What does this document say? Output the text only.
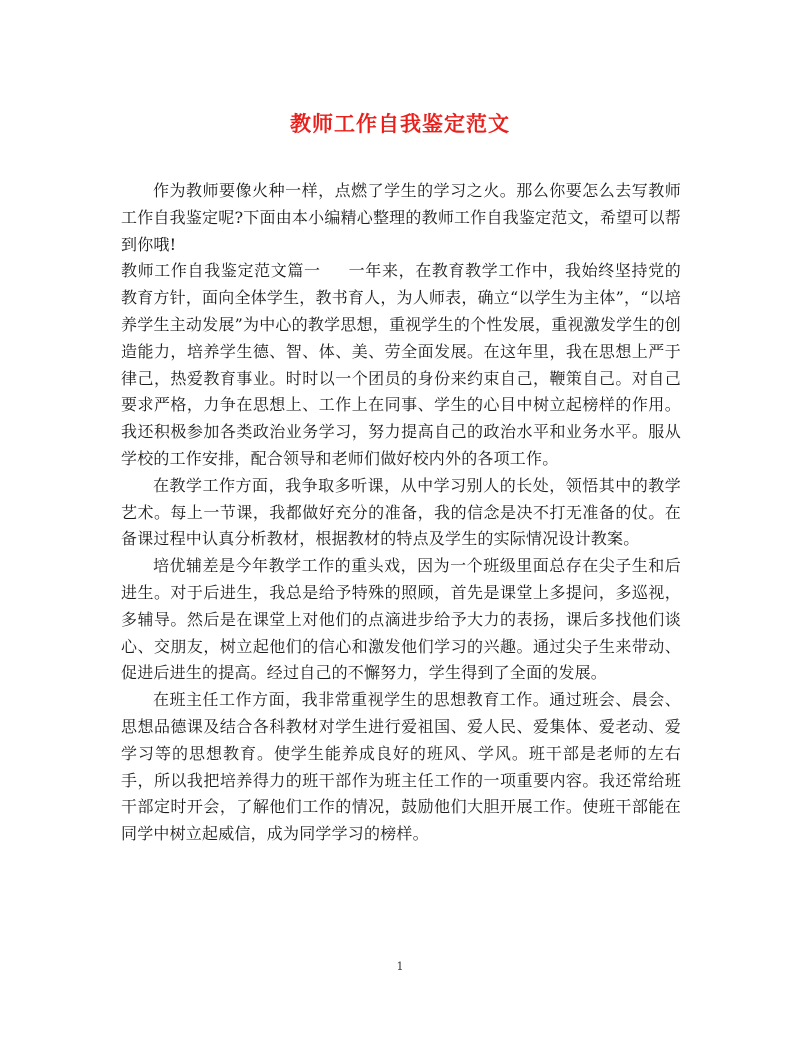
教师工作自我鉴定范文

作为教师要像火种一样，点燃了学生的学习之火。那么你要怎么去写教师工作自我鉴定呢?下面由本小编精心整理的教师工作自我鉴定范文，希望可以帮到你哦!

教师工作自我鉴定范文篇一 一年来，在教育教学工作中，我始终坚持党的教育方针，面向全体学生，教书育人，为人师表，确立“以学生为主体”，“以培养学生主动发展”为中心的教学思想，重视学生的个性发展，重视激发学生的创造能力，培养学生德、智、体、美、劳全面发展。在这年里，我在思想上严于律己，热爱教育事业。时时以一个团员的身份来约束自己，鞭策自己。对自己要求严格，力争在思想上、工作上在同事、学生的心目中树立起榜样的作用。我还积极参加各类政治业务学习，努力提高自己的政治水平和业务水平。服从学校的工作安排，配合领导和老师们做好校内外的各项工作。

在教学工作方面，我争取多听课，从中学习别人的长处，领悟其中的教学艺术。每上一节课，我都做好充分的准备，我的信念是决不打无准备的仗。在备课过程中认真分析教材，根据教材的特点及学生的实际情况设计教案。

培优辅差是今年教学工作的重头戏，因为一个班级里面总存在尖子生和后进生。对于后进生，我总是给予特殊的照顾，首先是课堂上多提问，多巡视，多辅导。然后是在课堂上对他们的点滴进步给予大力的表扬，课后多找他们谈心、交朋友，树立起他们的信心和激发他们学习的兴趣。通过尖子生来带动、促进后进生的提高。经过自己的不懈努力，学生得到了全面的发展。

在班主任工作方面，我非常重视学生的思想教育工作。通过班会、晨会、思想品德课及结合各科教材对学生进行爱祖国、爱人民、爱集体、爱老动、爱学习等的思想教育。使学生能养成良好的班风、学风。班干部是老师的左右手，所以我把培养得力的班干部作为班主任工作的一项重要内容。我还常给班干部定时开会，了解他们工作的情况，鼓励他们大胆开展工作。使班干部能在同学中树立起威信，成为同学学习的榜样。

1
